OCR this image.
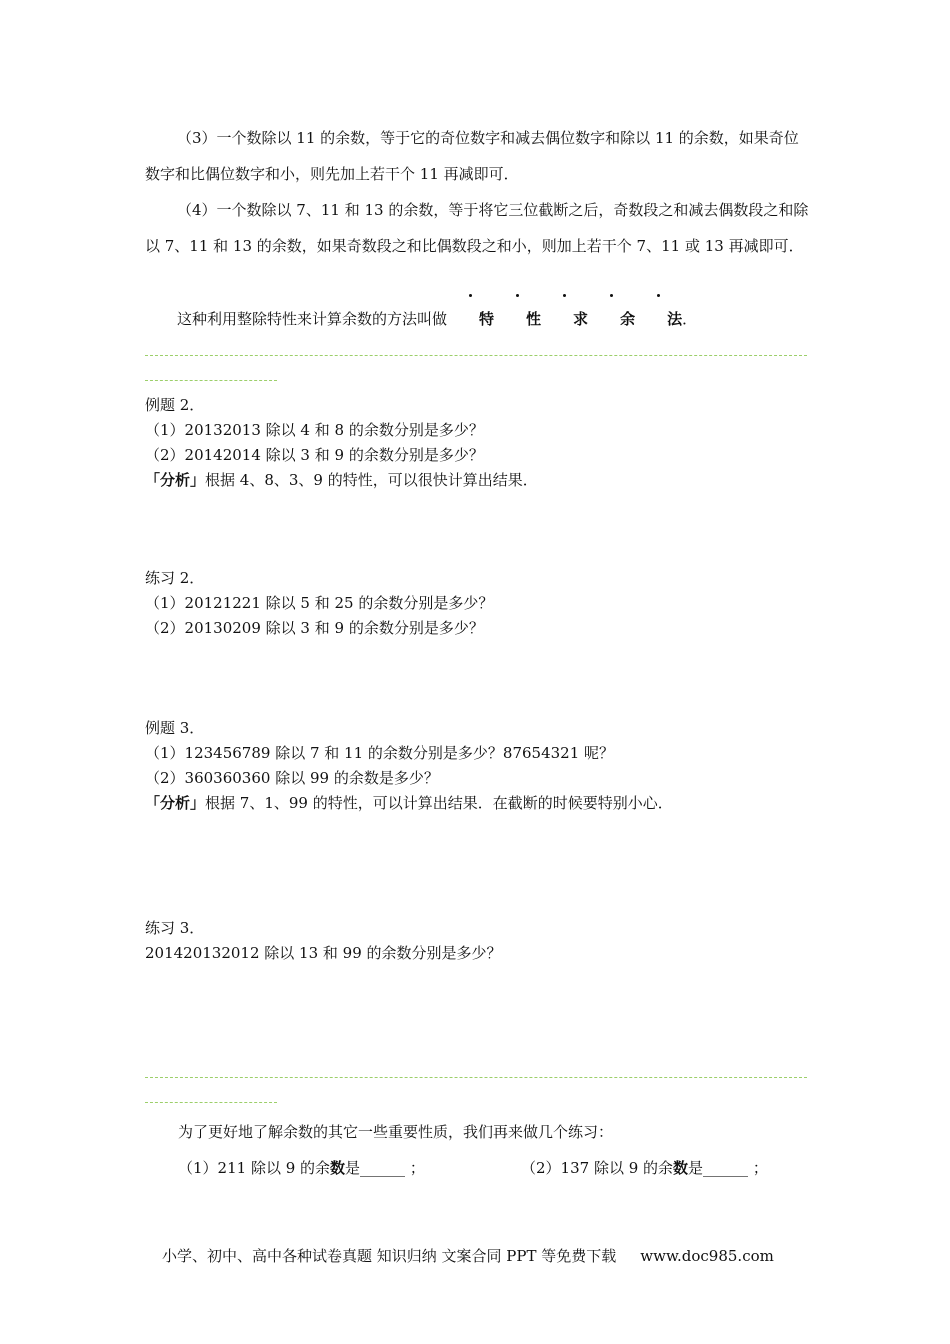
（3）一个数除以 11 的余数，等于它的奇位数字和减去偶位数字和除以 11 的余数，如果奇位数字和比偶位数字和小，则先加上若干个 11 再减即可．

（4）一个数除以 7、11 和 13 的余数，等于将它三位截断之后，奇数段之和减去偶数段之和除以 7、11 和 13 的余数，如果奇数段之和比偶数段之和小，则加上若干个 7、11 或 13 再减即可．

这种利用整除特性来计算余数的方法叫做 特 性 求 余 法．

例题 2．
（1）20132013 除以 4 和 8 的余数分别是多少？
（2）20142014 除以 3 和 9 的余数分别是多少？
「分析」根据 4、8、3、9 的特性，可以很快计算出结果．
练习 2．
（1）20121221 除以 5 和 25 的余数分别是多少？
（2）20130209 除以 3 和 9 的余数分别是多少？
例题 3．
（1）123456789 除以 7 和 11 的余数分别是多少？87654321 呢？
（2）360360360 除以 99 的余数是多少？
「分析」根据 7、1、99 的特性，可以计算出结果．在截断的时候要特别小心．
练习 3．
201420132012 除以 13 和 99 的余数分别是多少？
为了更好地了解余数的其它一些重要性质，我们再来做几个练习：
（1）211 除以 9 的余数是______ ；	（2）137 除以 9 的余数是______ ；
小学、初中、高中各种试卷真题 知识归纳 文案合同 PPT 等免费下载 www.doc985.com
